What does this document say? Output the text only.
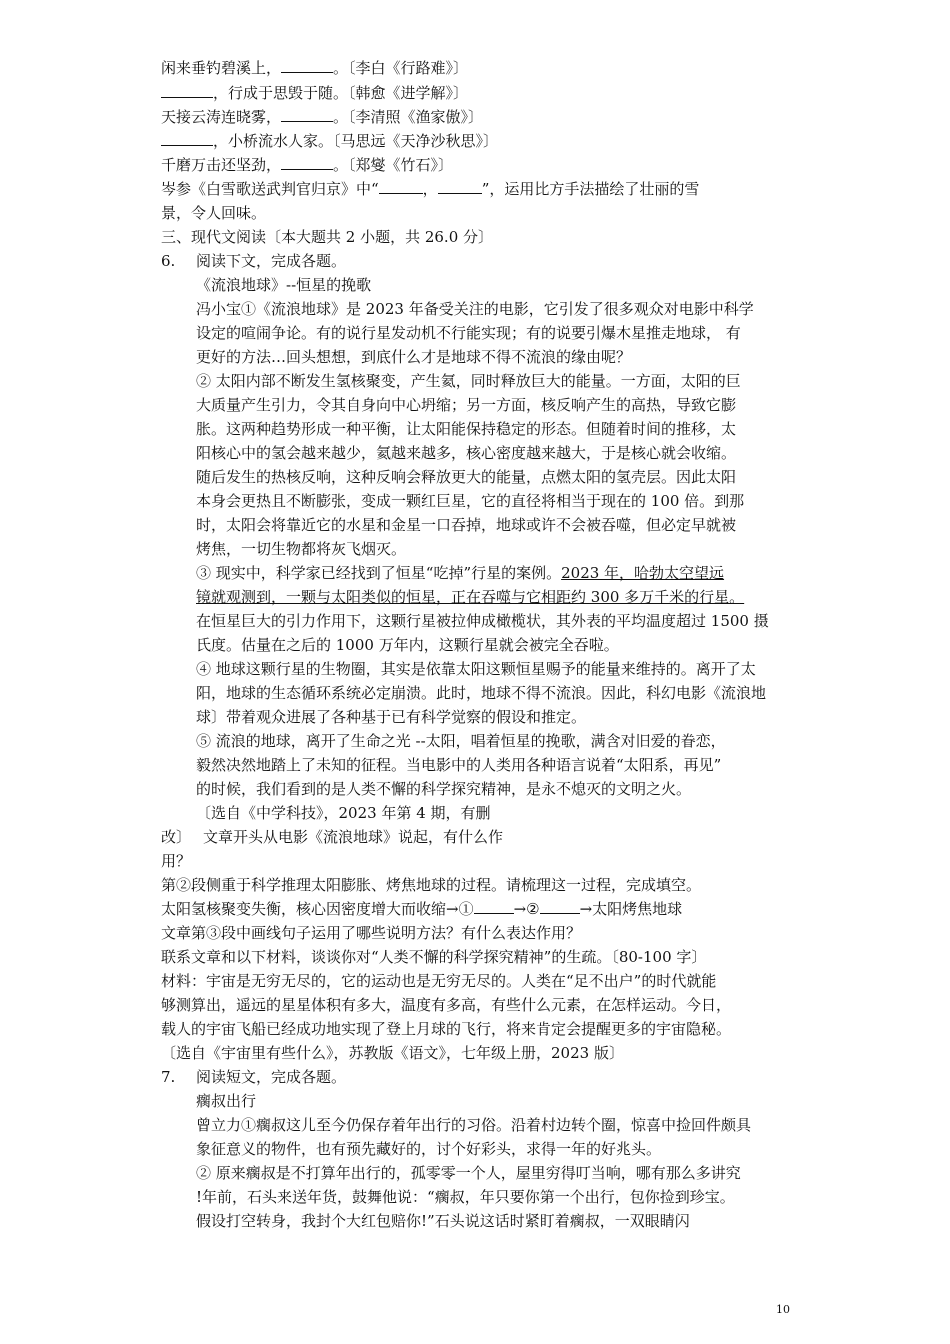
闲来垂钓碧溪上，	。〔李白《行路难》〕
，行成于思毁于随。〔韩愈《进学解》〕
天接云涛连晓雾，	。〔李清照《渔家傲》〕
，小桥流水人家。〔马思远《天净沙秋思》〕
千磨万击还坚劲，	。〔郑燮《竹石》〕
岑参《白雪歌送武判官归京》中“	，	”，运用比方手法描绘了壮丽的雪
景，令人回味。
三、现代文阅读〔本大题共 2 小题，共 26.0 分〕
6. 阅读下文，完成各题。
《流浪地球》--恒星的挽歌
冯小宝①《流浪地球》是 2023 年备受关注的电影，它引发了很多观众对电影中科学
设定的喧闹争论。有的说行星发动机不行能实现；有的说要引爆木星推走地球， 有
更好的方法…回头想想，到底什么才是地球不得不流浪的缘由呢？
② 太阳内部不断发生氢核聚变，产生氦，同时释放巨大的能量。一方面，太阳的巨
大质量产生引力，令其自身向中心坍缩；另一方面，核反响产生的高热，导致它膨
胀。这两种趋势形成一种平衡，让太阳能保持稳定的形态。但随着时间的推移，太
阳核心中的氢会越来越少，氦越来越多，核心密度越来越大，于是核心就会收缩。
随后发生的热核反响，这种反响会释放更大的能量，点燃太阳的氢壳层。因此太阳
本身会更热且不断膨张，变成一颗红巨星，它的直径将相当于现在的 100 倍。到那
时，太阳会将靠近它的水星和金星一口吞掉，地球或许不会被吞噬，但必定早就被
烤焦，一切生物都将灰飞烟灭。
③ 现实中，科学家已经找到了恒星“吃掉”行星的案例。2023 年，哈勃太空望远
镜就观测到，一颗与太阳类似的恒星，正在吞噬与它相距约 300 多万千米的行星。
在恒星巨大的引力作用下，这颗行星被拉伸成橄榄状，其外表的平均温度超过 1500 摄
氏度。估量在之后的 1000 万年内，这颗行星就会被完全吞啦。
④ 地球这颗行星的生物圈，其实是依靠太阳这颗恒星赐予的能量来维持的。离开了太
阳，地球的生态循环系统必定崩溃。此时，地球不得不流浪。因此，科幻电影《流浪地
球〕带着观众进展了各种基于已有科学觉察的假设和推定。
⑤ 流浪的地球，离开了生命之光 --太阳，唱着恒星的挽歌，满含对旧爱的眷恋，
毅然决然地踏上了未知的征程。当电影中的人类用各种语言说着“太阳系，再见”
的时候，我们看到的是人类不懈的科学探究精神，是永不熄灭的文明之火。
〔选自《中学科技》，2023 年第 4 期，有删
改〕 文章开头从电影《流浪地球》说起，有什么作
用？
第②段侧重于科学推理太阳膨胀、烤焦地球的过程。请梳理这一过程，完成填空。
太阳氢核聚变失衡，核心因密度增大而收缩→①	→②	→太阳烤焦地球
文章第③段中画线句子运用了哪些说明方法？有什么表达作用？
联系文章和以下材料，谈谈你对“人类不懈的科学探究精神”的生疏。〔80-100 字〕
材料：宇宙是无穷无尽的，它的运动也是无穷无尽的。人类在“足不出户”的时代就能
够测算出，遥远的星星体积有多大，温度有多高，有些什么元素，在怎样运动。今日，
载人的宇宙飞船已经成功地实现了登上月球的飞行，将来肯定会提醒更多的宇宙隐秘。
〔选自《宇宙里有些什么》，苏教版《语文》，七年级上册，2023 版〕
7. 阅读短文，完成各题。
瘸叔出行
曾立力①瘸叔这儿至今仍保存着年出行的习俗。沿着村边转个圈，惊喜中捡回件颇具
象征意义的物件，也有预先藏好的，讨个好彩头，求得一年的好兆头。
② 原来瘸叔是不打算年出行的，孤零零一个人，屋里穷得叮当响，哪有那么多讲究
!年前，石头来送年货，鼓舞他说：“瘸叔，年只要你第一个出行，包你捡到珍宝。
假设打空转身，我封个大红包赔你!”石头说这话时紧盯着瘸叔，一双眼睛闪
10
